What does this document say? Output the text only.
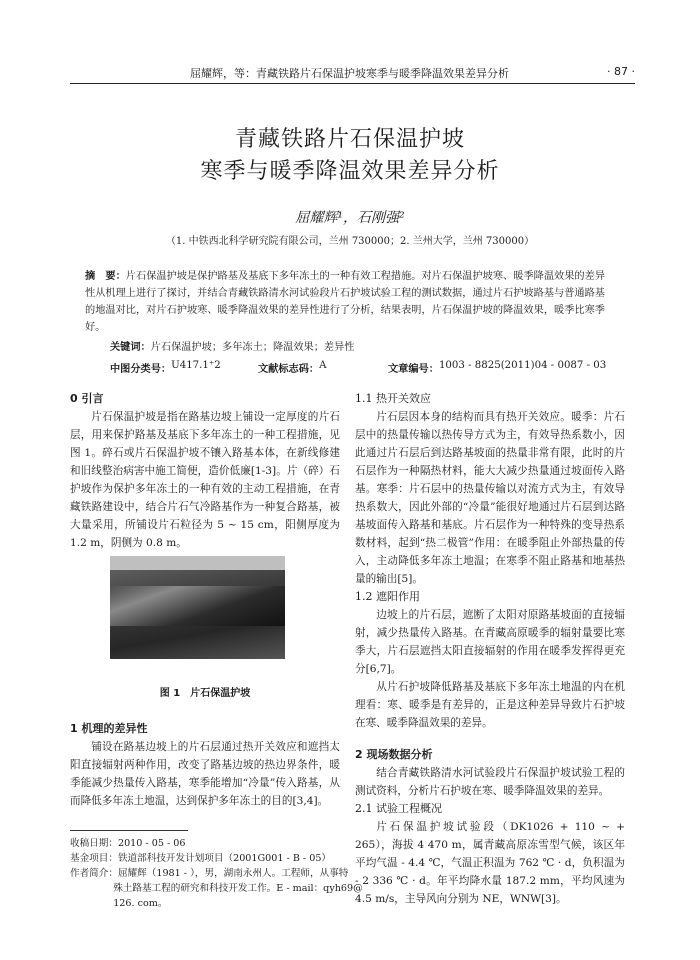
屈耀辉，等：青藏铁路片石保温护坡寒季与暖季降温效果差异分析	· 87 ·
青藏铁路片石保温护坡
寒季与暖季降温效果差异分析
屈耀辉¹，石刚强²
（1. 中铁西北科学研究院有限公司，兰州 730000；2. 兰州大学，兰州 730000）
摘　要：片石保温护坡是保护路基及基底下多年冻土的一种有效工程措施。对片石保温护坡寒、暖季降温效果的差异性从机理上进行了探讨，并结合青藏铁路清水河试验段片石护坡试验工程的测试数据，通过片石护坡路基与普通路基的地温对比，对片石护坡寒、暖季降温效果的差异性进行了分析，结果表明，片石保温护坡的降温效果，暖季比寒季好。
关键词：片石保温护坡；多年冻土；降温效果；差异性
中图分类号： U417.1⁺2	文献标志码： A	文章编号： 1003 - 8825(2011)04 - 0087 - 03
0 引言

片石保温护坡是指在路基边坡上铺设一定厚度的片石层，用来保护路基及基底下多年冻土的一种工程措施，见图 1。碎石或片石保温护坡不镶入路基本体，在新线修建和旧线整治病害中施工简便，造价低廉[1-3]。片（碎）石护坡作为保护多年冻土的一种有效的主动工程措施，在青藏铁路建设中，结合片石气冷路基作为一种复合路基，被大量采用，所铺设片石粒径为 5 ~ 15 cm，阳侧厚度为 1.2 m，阴侧为 0.8 m。

图 1　片石保温护坡
1 机理的差异性

铺设在路基边坡上的片石层通过热开关效应和遮挡太阳直接辐射两种作用，改变了路基边坡的热边界条件，暖季能减少热量传入路基，寒季能增加“冷量”传入路基，从而降低多年冻土地温，达到保护多年冻土的目的[3,4]。

收稿日期：2010 - 05 - 06
基金项目：铁道部科技开发计划项目（2001G001 - B - 05）
作者简介：屈耀辉（1981 - ），男，湖南永州人。工程师，从事特
殊土路基工程的研究和科技开发工作。E - mail：qyh69@
126. com。
1.1 热开关效应

片石层因本身的结构而具有热开关效应。暖季：片石层中的热量传输以热传导方式为主，有效导热系数小，因此通过片石层后到达路基坡面的热量非常有限，此时的片石层作为一种隔热材料，能大大减少热量通过坡面传入路基。寒季：片石层中的热量传输以对流方式为主，有效导热系数大，因此外部的“冷量”能很好地通过片石层到达路基坡面传入路基和基底。片石层作为一种特殊的变导热系数材料，起到“热二极管”作用：在暖季阻止外部热量的传入，主动降低多年冻土地温；在寒季不阻止路基和地基热量的输出[5]。

1.2 遮阳作用

边坡上的片石层，遮断了太阳对原路基坡面的直接辐射，减少热量传入路基。在青藏高原暖季的辐射量要比寒季大，片石层遮挡太阳直接辐射的作用在暖季发挥得更充分[6,7]。

从片石护坡降低路基及基底下多年冻土地温的内在机理看：寒、暖季是有差异的，正是这种差异导致片石护坡在寒、暖季降温效果的差异。

2 现场数据分析

结合青藏铁路清水河试验段片石保温护坡试验工程的测试资料，分析片石护坡在寒、暖季降温效果的差异。

2.1 试验工程概况

片石保温护坡试验段（DK1026 + 110 ~ + 265），海拔 4 470 m，属青藏高原冻雪型气候，该区年平均气温 - 4.4 ℃，气温正积温为 762 ℃ · d，负积温为 - 2 336 ℃ · d。年平均降水量 187.2 mm，平均风速为 4.5 m/s，主导风向分别为 NE，WNW[3]。
